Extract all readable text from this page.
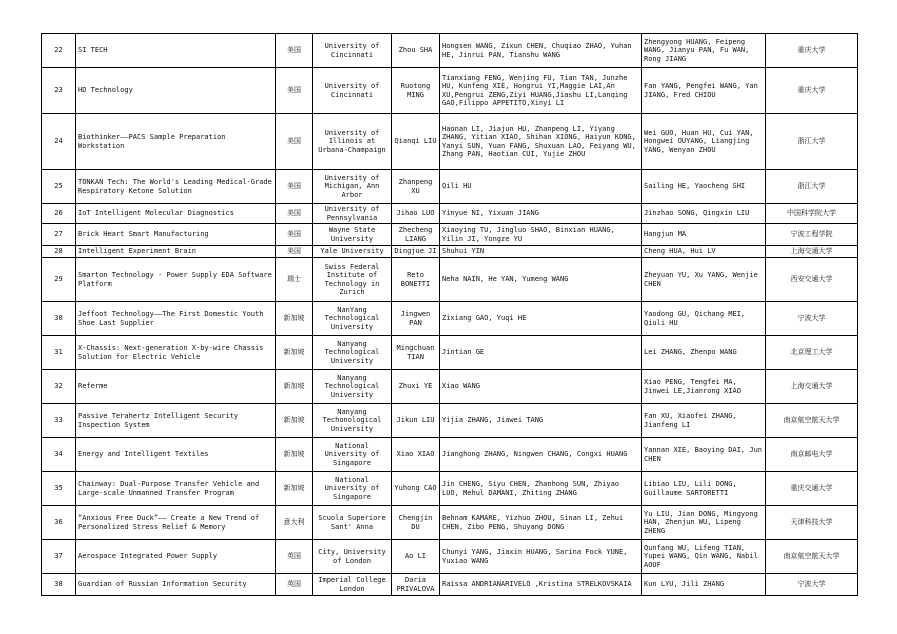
22	SI TECH	美国	University of Cincinnati	Zhou SHA	Hongsen WANG, Zixun CHEN, Chuqiao ZHAO, Yuhan HE, Jinrui PAN, Tianshu WANG	Zhengyong HUANG, Feipeng WANG, Jianyu PAN, Fu WAN, Rong JIANG	重庆大学
23	HD Technology	美国	University of Cincinnati	Ruotong MING	Tianxiang FENG, Wenjing FU, Tian TAN, Junzhe HU, Kunfeng XIE, Hongrui YI,Maggie LAI,An XU,Pengrui ZENG,Ziyi HUANG,Jiashu LI,Lanqing GAO,Filippo APPETITO,Xinyi LI	Fan YANG, Pengfei WANG, Yan JIANG, Fred CHIOU	重庆大学
24	Biothinker——PACS Sample Preparation Workstation	美国	University of Illinois at Urbana-Champaign	Qianqi LIU	Haonan LI, Jiajun HU, Zhanpeng LI, Yiyang ZHANG, Yitian XIAO, Shihan XIONG, Haiyun KONG, Yanyi SUN, Yuan FANG, Shuxuan LAO, Feiyang WU, Zhang PAN, Haotian CUI, Yujie ZHOU	Wei GUO, Huan HU, Cui YAN, Hongwei OUYANG, Liangjing YANG, Wenyan ZHOU	浙江大学
25	TONKAN Tech: The World's Leading Medical-Grade Respiratory Ketone Solution	美国	University of Michigan, Ann Arbor	Zhanpeng XU	Qili HU	Sailing HE, Yaocheng SHI	浙江大学
26	IoT Intelligent Molecular Diagnostics	美国	University of Pennsylvania	Jihao LUO	Yinyue NI, Yixuan JIANG	Jinzhao SONG, Qingxin LIU	中国科学院大学
27	Brick Heart Smart Manufacturing	美国	Wayne State University	Zhecheng LIANG	Xiaoying TU, Jingluo SHAO, Binxian HUANG, Yilin JI, Yongze YU	Hangjun MA	宁波工程学院
28	Intelligent Experiment Brain	美国	Yale University	Dingjue JI	Shuhui YIN	Cheng HUA, Hui LV	上海交通大学
29	Smarton Technology - Power Supply EDA Software Platform	瑞士	Swiss Federal Institute of Technology in Zurich	Reto BONETTI	Neha NAIN, He YAN, Yumeng WANG	Zheyuan YU, Xu YANG, Wenjie CHEN	西安交通大学
30	Jeffoot Technology——The First Domestic Youth Shoe Last Supplier	新加坡	NanYang Technological University	Jingwen PAN	Zixiang GAO, Yuqi HE	Yaodong GU, Qichang MEI, Qiuli HU	宁波大学
31	X-Chassis: Next-generation X-by-wire Chassis Solution for Electric Vehicle	新加坡	Nanyang Technological University	Mingchuan TIAN	Jintian GE	Lei ZHANG, Zhenpo WANG	北京理工大学
32	Referme	新加坡	Nanyang Technological University	Zhuxi YE	Xiao WANG	Xiao PENG, Tengfei MA, Jinwei LE,Jianrong XIAO	上海交通大学
33	Passive Terahertz Intelligent Security Inspection System	新加坡	Nanyang Techonological University	Jikun LIU	Yijia ZHANG, Jiawei TANG	Fan XU, Xiaofei ZHANG, Jianfeng LI	南京航空航天大学
34	Energy and Intelligent Textiles	新加坡	National University of Singapore	Xiao XIAO	Jianghong ZHANG, Ningwen CHANG, Congxi HUANG	Yannan XIE, Baoying DAI, Jun CHEN	南京邮电大学
35	Chainway: Dual-Purpose Transfer Vehicle and Large-scale Unmanned Transfer Program	新加坡	National University of Singapore	Yuhong CAO	Jin CHENG, Siyu CHEN, Zhanhong SUN, Zhiyao LUO, Mehul DAMANI, Zhiting ZHANG	Libiao LIU, Lili DONG, Guillaume SARTORETTI	重庆交通大学
36	“Anxious Free Duck”—— Create a New Trend of Personalized Stress Relief & Memory	意大利	Scuola Superiore Sant' Anna	Chengjin DU	Behnam KAMARE, Yizhuo ZHOU, Sinan LI, Zehui CHEN, Zibo PENG, Shuyang DONG	Yu LIU, Jian DONG, Mingyong HAN, Zhenjun WU, Lipeng ZHENG	天津科技大学
37	Aerospace Integrated Power Supply	英国	City, University of London	Ao LI	Chunyi YANG, Jiaxin HUANG, Sarina Fock YUNE, Yuxiao WANG	Qunfang WU, Lifeng TIAN, Yupei WANG, Qin WANG, Nabil AOUF	南京航空航天大学
38	Guardian of Russian Information Security	英国	Imperial College London	Daria PRIVALOVA	Raissa ANDRIANARIVELO ,Kristina STRELKOVSKAIA	Kun LYU, Jili ZHANG	宁波大学
